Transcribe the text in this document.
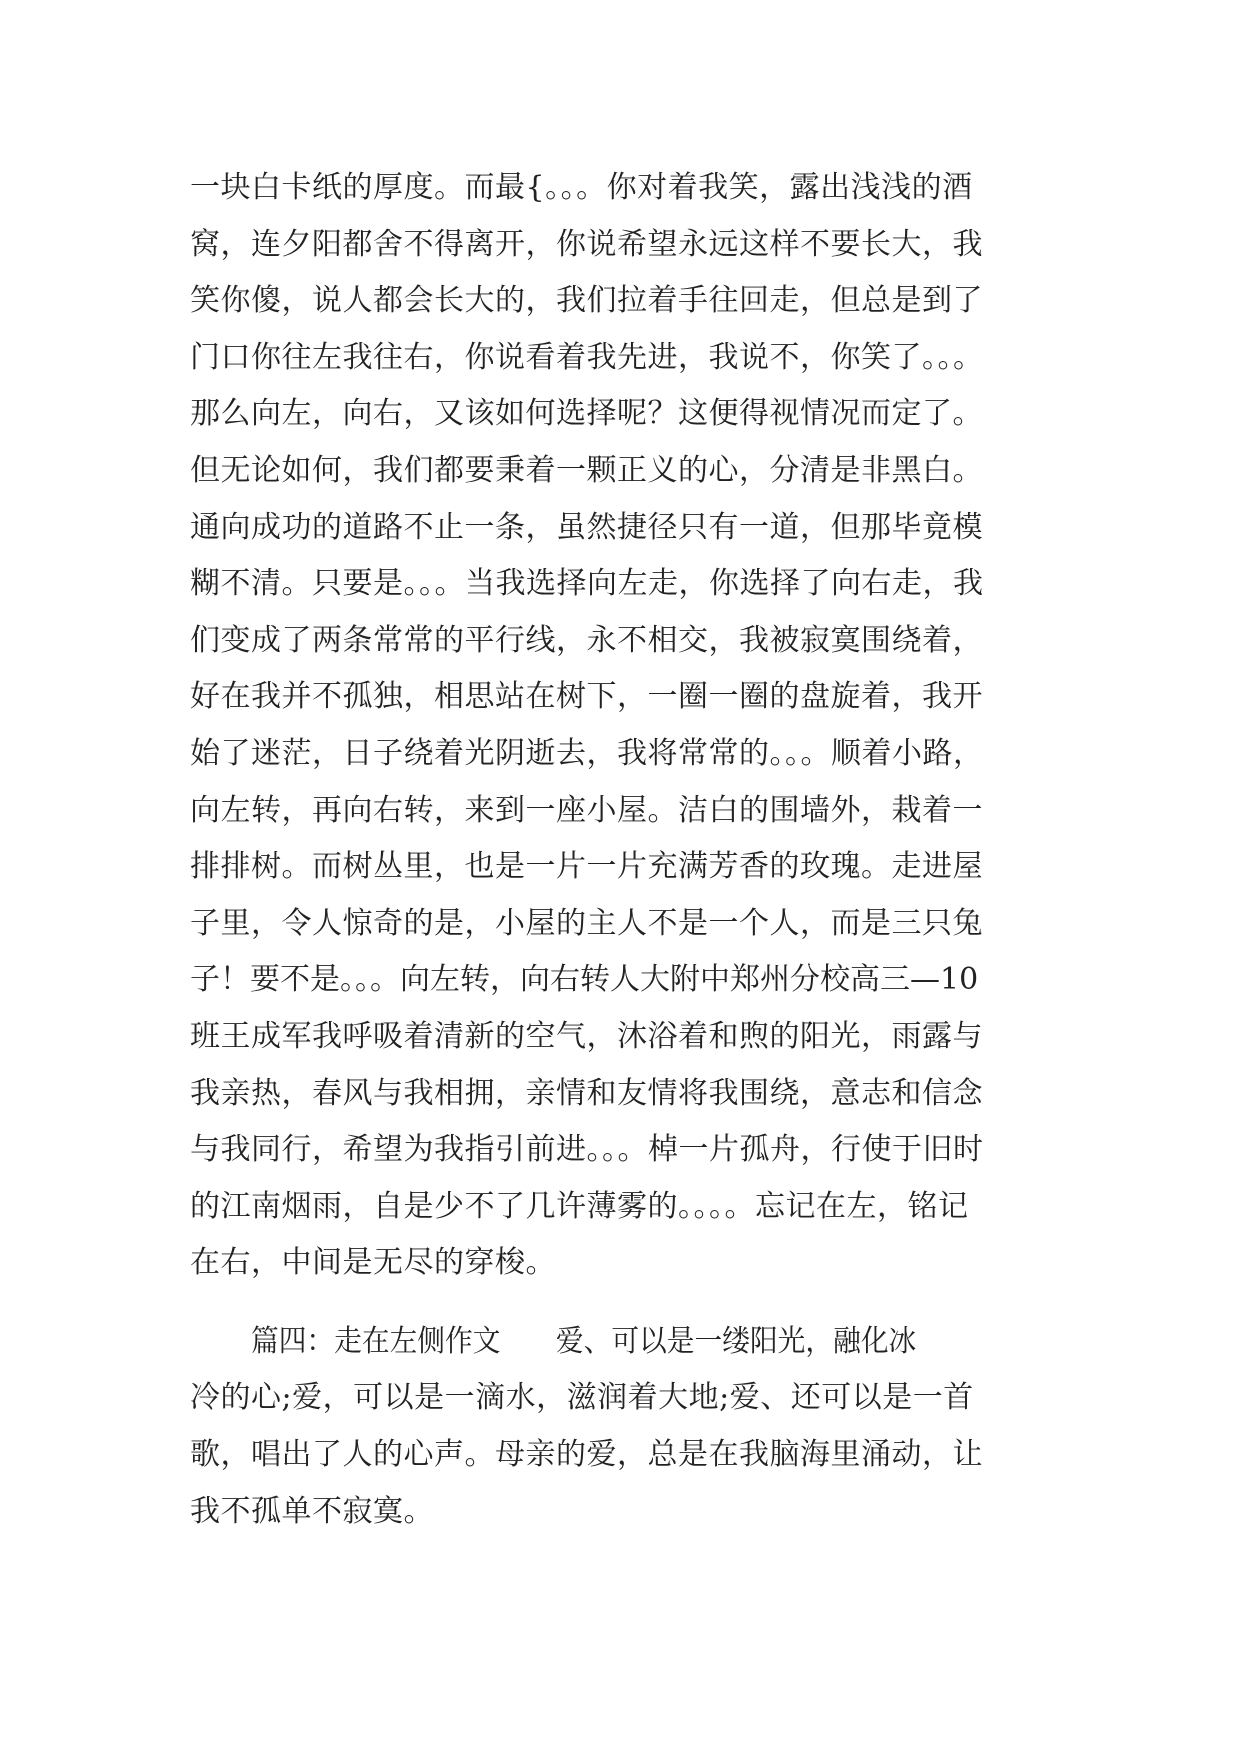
一块白卡纸的厚度。而最{。。。你对着我笑，露出浅浅的酒
窝，连夕阳都舍不得离开，你说希望永远这样不要长大，我
笑你傻，说人都会长大的，我们拉着手往回走，但总是到了
门口你往左我往右，你说看着我先进，我说不，你笑了。。。
那么向左，向右，又该如何选择呢？这便得视情况而定了。
但无论如何，我们都要秉着一颗正义的心，分清是非黑白。
通向成功的道路不止一条，虽然捷径只有一道，但那毕竟模
糊不清。只要是。。。当我选择向左走，你选择了向右走，我
们变成了两条常常的平行线，永不相交，我被寂寞围绕着，
好在我并不孤独，相思站在树下，一圈一圈的盘旋着，我开
始了迷茫，日子绕着光阴逝去，我将常常的。。。顺着小路，
向左转，再向右转，来到一座小屋。洁白的围墙外，栽着一
排排树。而树丛里，也是一片一片充满芳香的玫瑰。走进屋
子里，令人惊奇的是，小屋的主人不是一个人，而是三只兔
子！要不是。。。向左转，向右转人大附中郑州分校高三—10
班王成军我呼吸着清新的空气，沐浴着和煦的阳光，雨露与
我亲热，春风与我相拥，亲情和友情将我围绕，意志和信念
与我同行，希望为我指引前进。。。棹一片孤舟，行使于旧时
的江南烟雨，自是少不了几许薄雾的。。。。忘记在左，铭记
在右，中间是无尽的穿梭。
篇四：走在左侧作文　　爱、可以是一缕阳光，融化冰
冷的心;爱，可以是一滴水，滋润着大地;爱、还可以是一首
歌，唱出了人的心声。母亲的爱，总是在我脑海里涌动，让
我不孤单不寂寞。
